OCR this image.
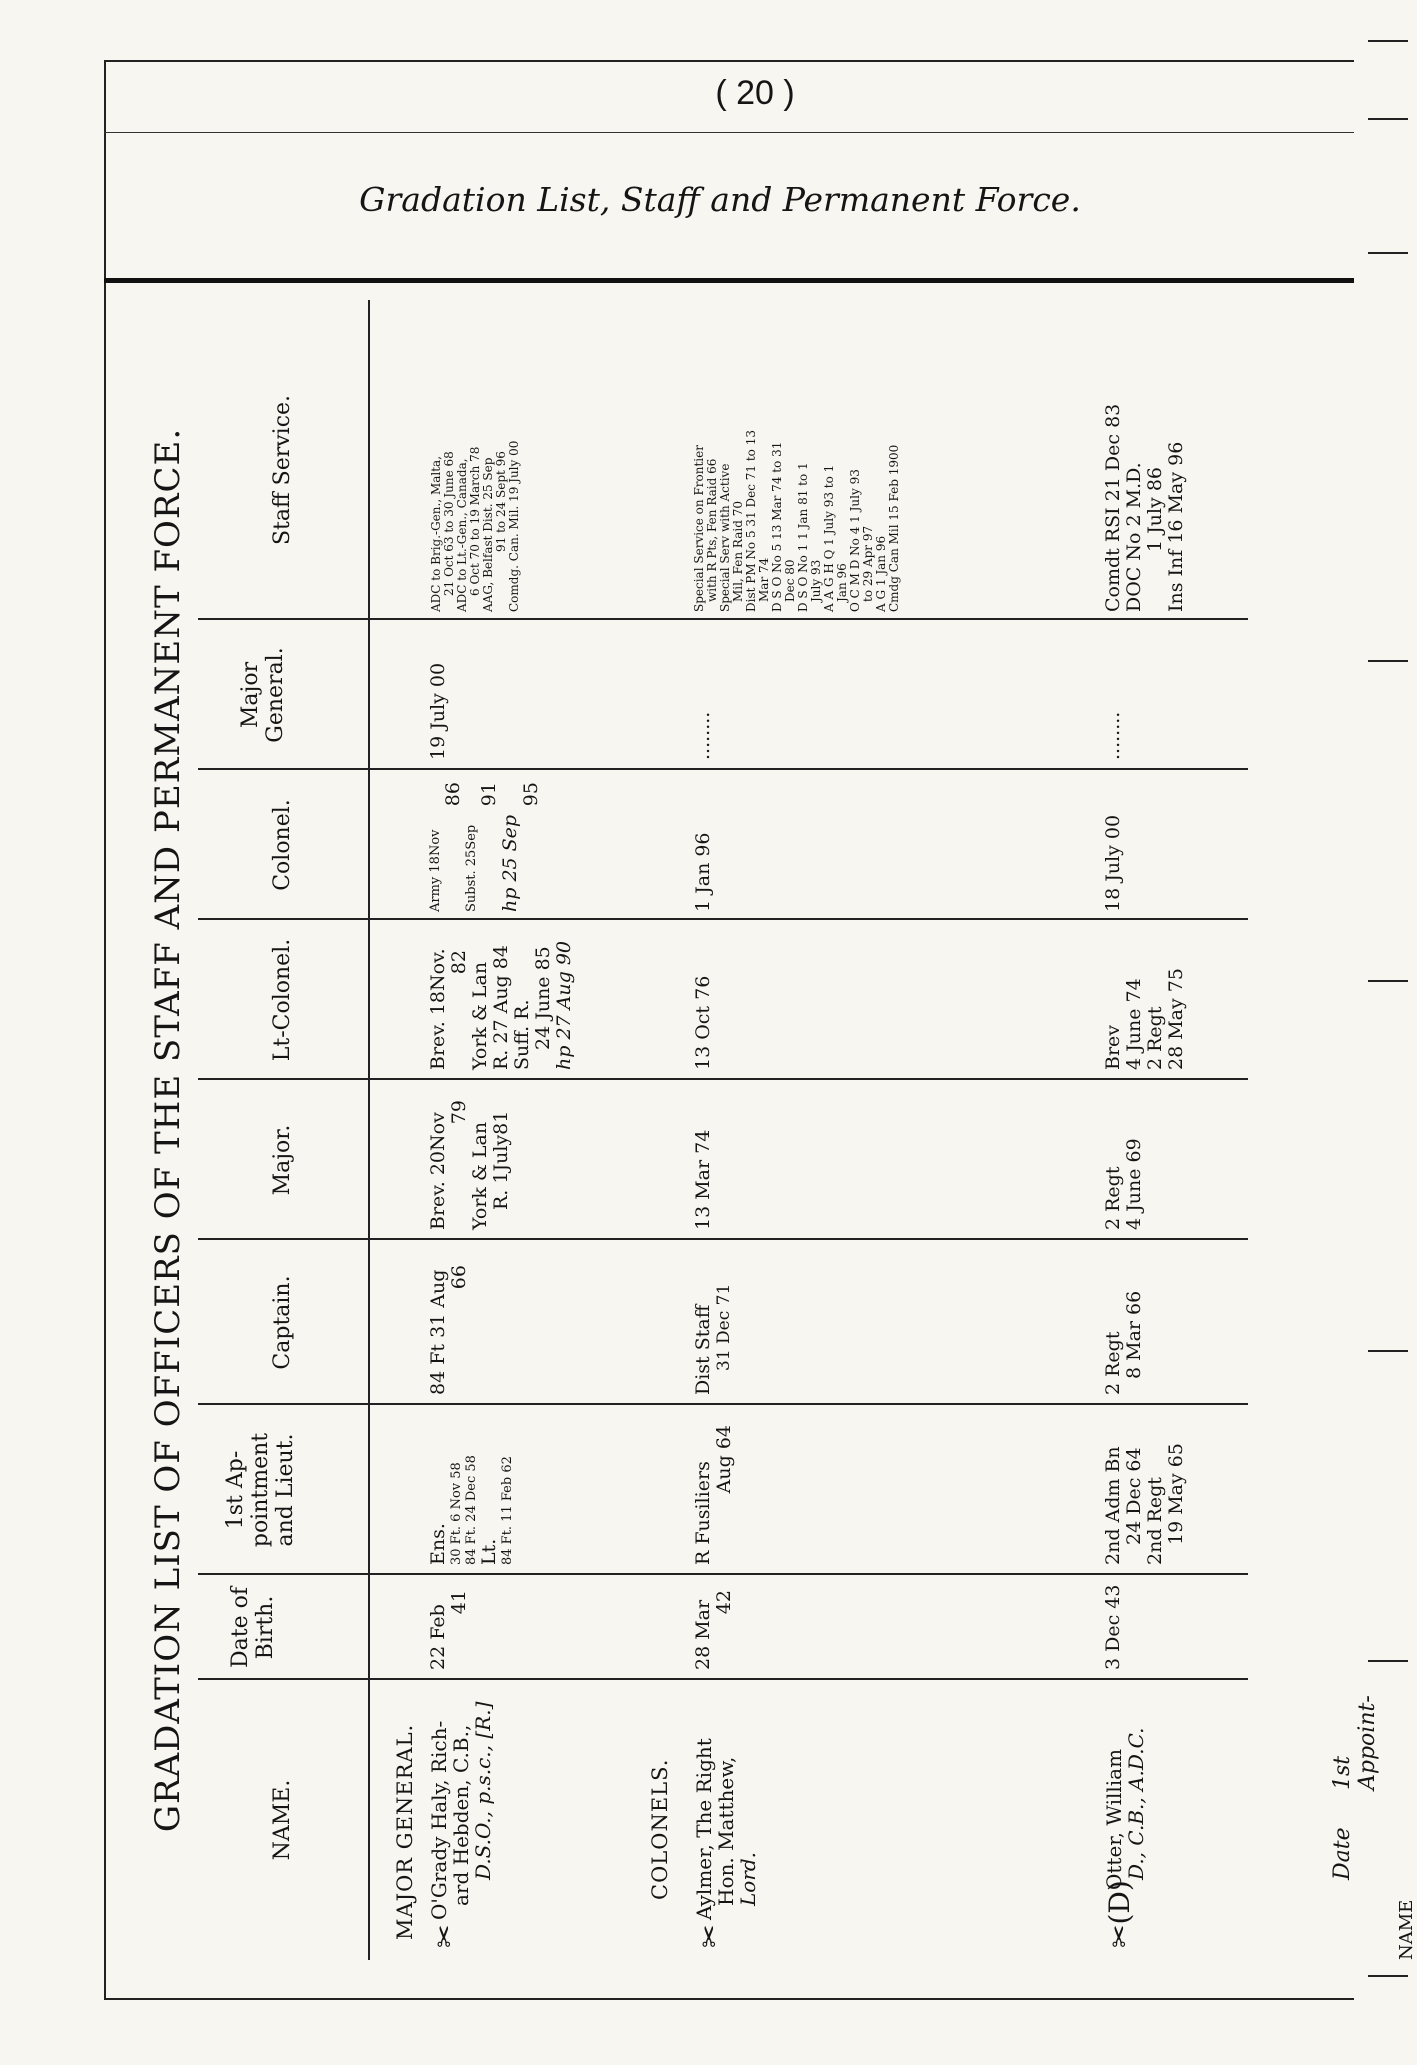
( 20 )
Gradation List, Staff and Permanent Force.
GRADATION LIST OF OFFICERS OF THE STAFF AND PERMANENT FORCE.	NAME.
Date of Birth.
1st Ap- pointment and Lieut.
Captain.
Major.
Lt-Colonel.
Colonel.
Major General.
Staff Service.
MAJOR GENERAL.	COLONELS.
✂
O'Grady Haly, Rich-
ard Hebden, C.B.,
D.S.O., p.s.c., [R.]
22 Feb
41
Ens. 30 Ft. 6 Nov 58 84 Ft. 24 Dec 58 Lt. 84 Ft. 11 Feb 62
84 Ft 31 Aug 66
Brev. 20Nov
79
York & Lan R. 1July81
Brev. 18Nov. 82 York & Lan R. 27 Aug 84 Suff. R. 24 June 85 hp 27 Aug 90
Army 18Nov
86
Subst. 25Sep
91
hp 25 Sep
95
19 July 00
ADC to Brig.-Gen., Malta, 21 Oct 63 to 30 June 68 ADC to Lt.-Gen., Canada, 6 Oct 70 to 19 March 78 AAG, Belfast Dist. 25 Sep 91 to 24 Sept 96 Comdg. Can. Mil. 19 July 00
✂
Aylmer, The Right
Hon. Matthew,
Lord.
28 Mar 42
R Fusiliers
Aug 64
Dist Staff 31 Dec 71
13 Mar 74
13 Oct 76
1 Jan 96
........
Special Service on Frontier with R Pts, Fen Raid 66 Special Serv with Active Mil, Fen Raid 70 Dist PM No 5 31 Dec 71 to 13 Mar 74 D S O No 5 13 Mar 74 to 31 Dec 80 D S O No 1 1 Jan 81 to 1 July 93 A A G H Q 1 July 93 to 1 Jan 96 O C M D No 4 1 July 93 to 29 Apr 97 A G 1 Jan 96 Cmdg Can Mil 15 Feb 1900
✂(D)
Otter, William
D., C.B., A.D.C.
3 Dec 43
2nd Adm Bn 24 Dec 64 2nd Regt 19 May 65
2 Regt 8 Mar 66
2 Regt 4 June 69
Brev 4 June 74 2 Regt 28 May 75
18 July 00
........
Comdt RSI 21 Dec 83 DOC No 2 M.D. 1 July 86 Ins Inf 16 May 96
Date
1st Appoint-
NAME
